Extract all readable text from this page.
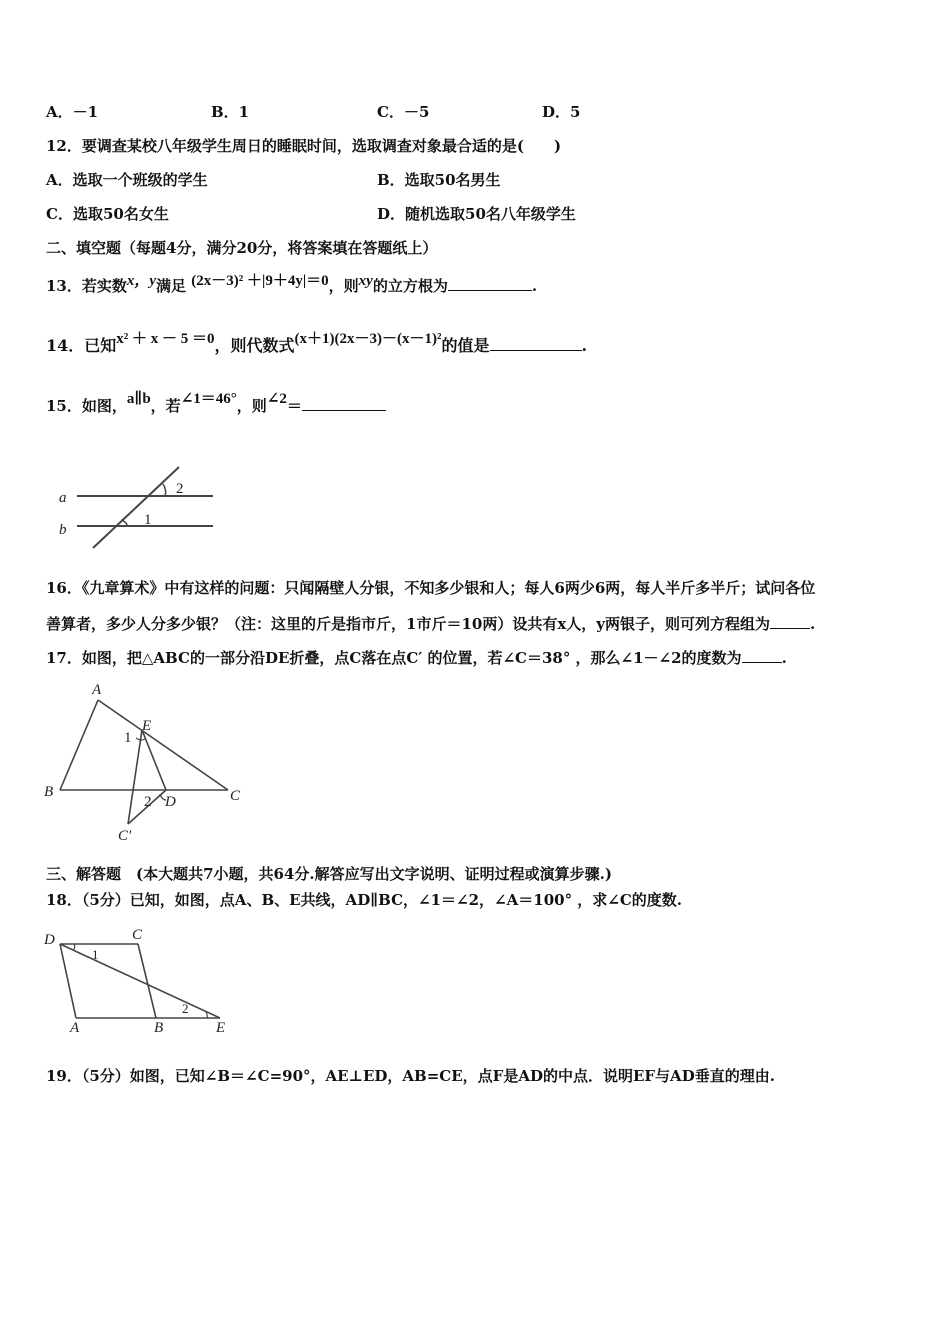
A．－1	B．1	C．－5	D．5
12．要调查某校八年级学生周日的睡眠时间，选取调查对象最合适的是(　　)
A．选取一个班级的学生	B．选取50名男生
C．选取50名女生	D．随机选取50名八年级学生
二、填空题（每题4分，满分20分，将答案填在答题纸上）
13．若实数x，y满足 (2x－3)² ＋|9＋4y|＝0，则xy的立方根为	.
14．已知x² ＋ x － 5 ＝0，则代数式(x＋1)(2x－3)－(x－1)²的值是	.
15．如图，a∥b，若∠1＝46°，则∠2＝
a
b
1
2
16．《九章算术》中有这样的问题：只闻隔壁人分银，不知多少银和人；每人6两少6两，每人半斤多半斤；试问各位
善算者，多少人分多少银？（注：这里的斤是指市斤，1市斤＝10两）设共有x人，y两银子，则可列方程组为	.
17．如图，把△ABC的一部分沿DE折叠，点C落在点C′ 的位置，若∠C＝38° ，那么∠1－∠2的度数为	.
A
B	C
E
D
C′
1
2
三、解答题　(本大题共7小题，共64分.解答应写出文字说明、证明过程或演算步骤.)
18．（5分）已知，如图，点A、B、E共线，AD∥BC，∠1＝∠2，∠A＝100° ，求∠C的度数.
D	C
A	B	E
1
2
19．（5分）如图，已知∠B＝∠C=90°，AE⊥ED，AB=CE，点F是AD的中点．说明EF与AD垂直的理由.
